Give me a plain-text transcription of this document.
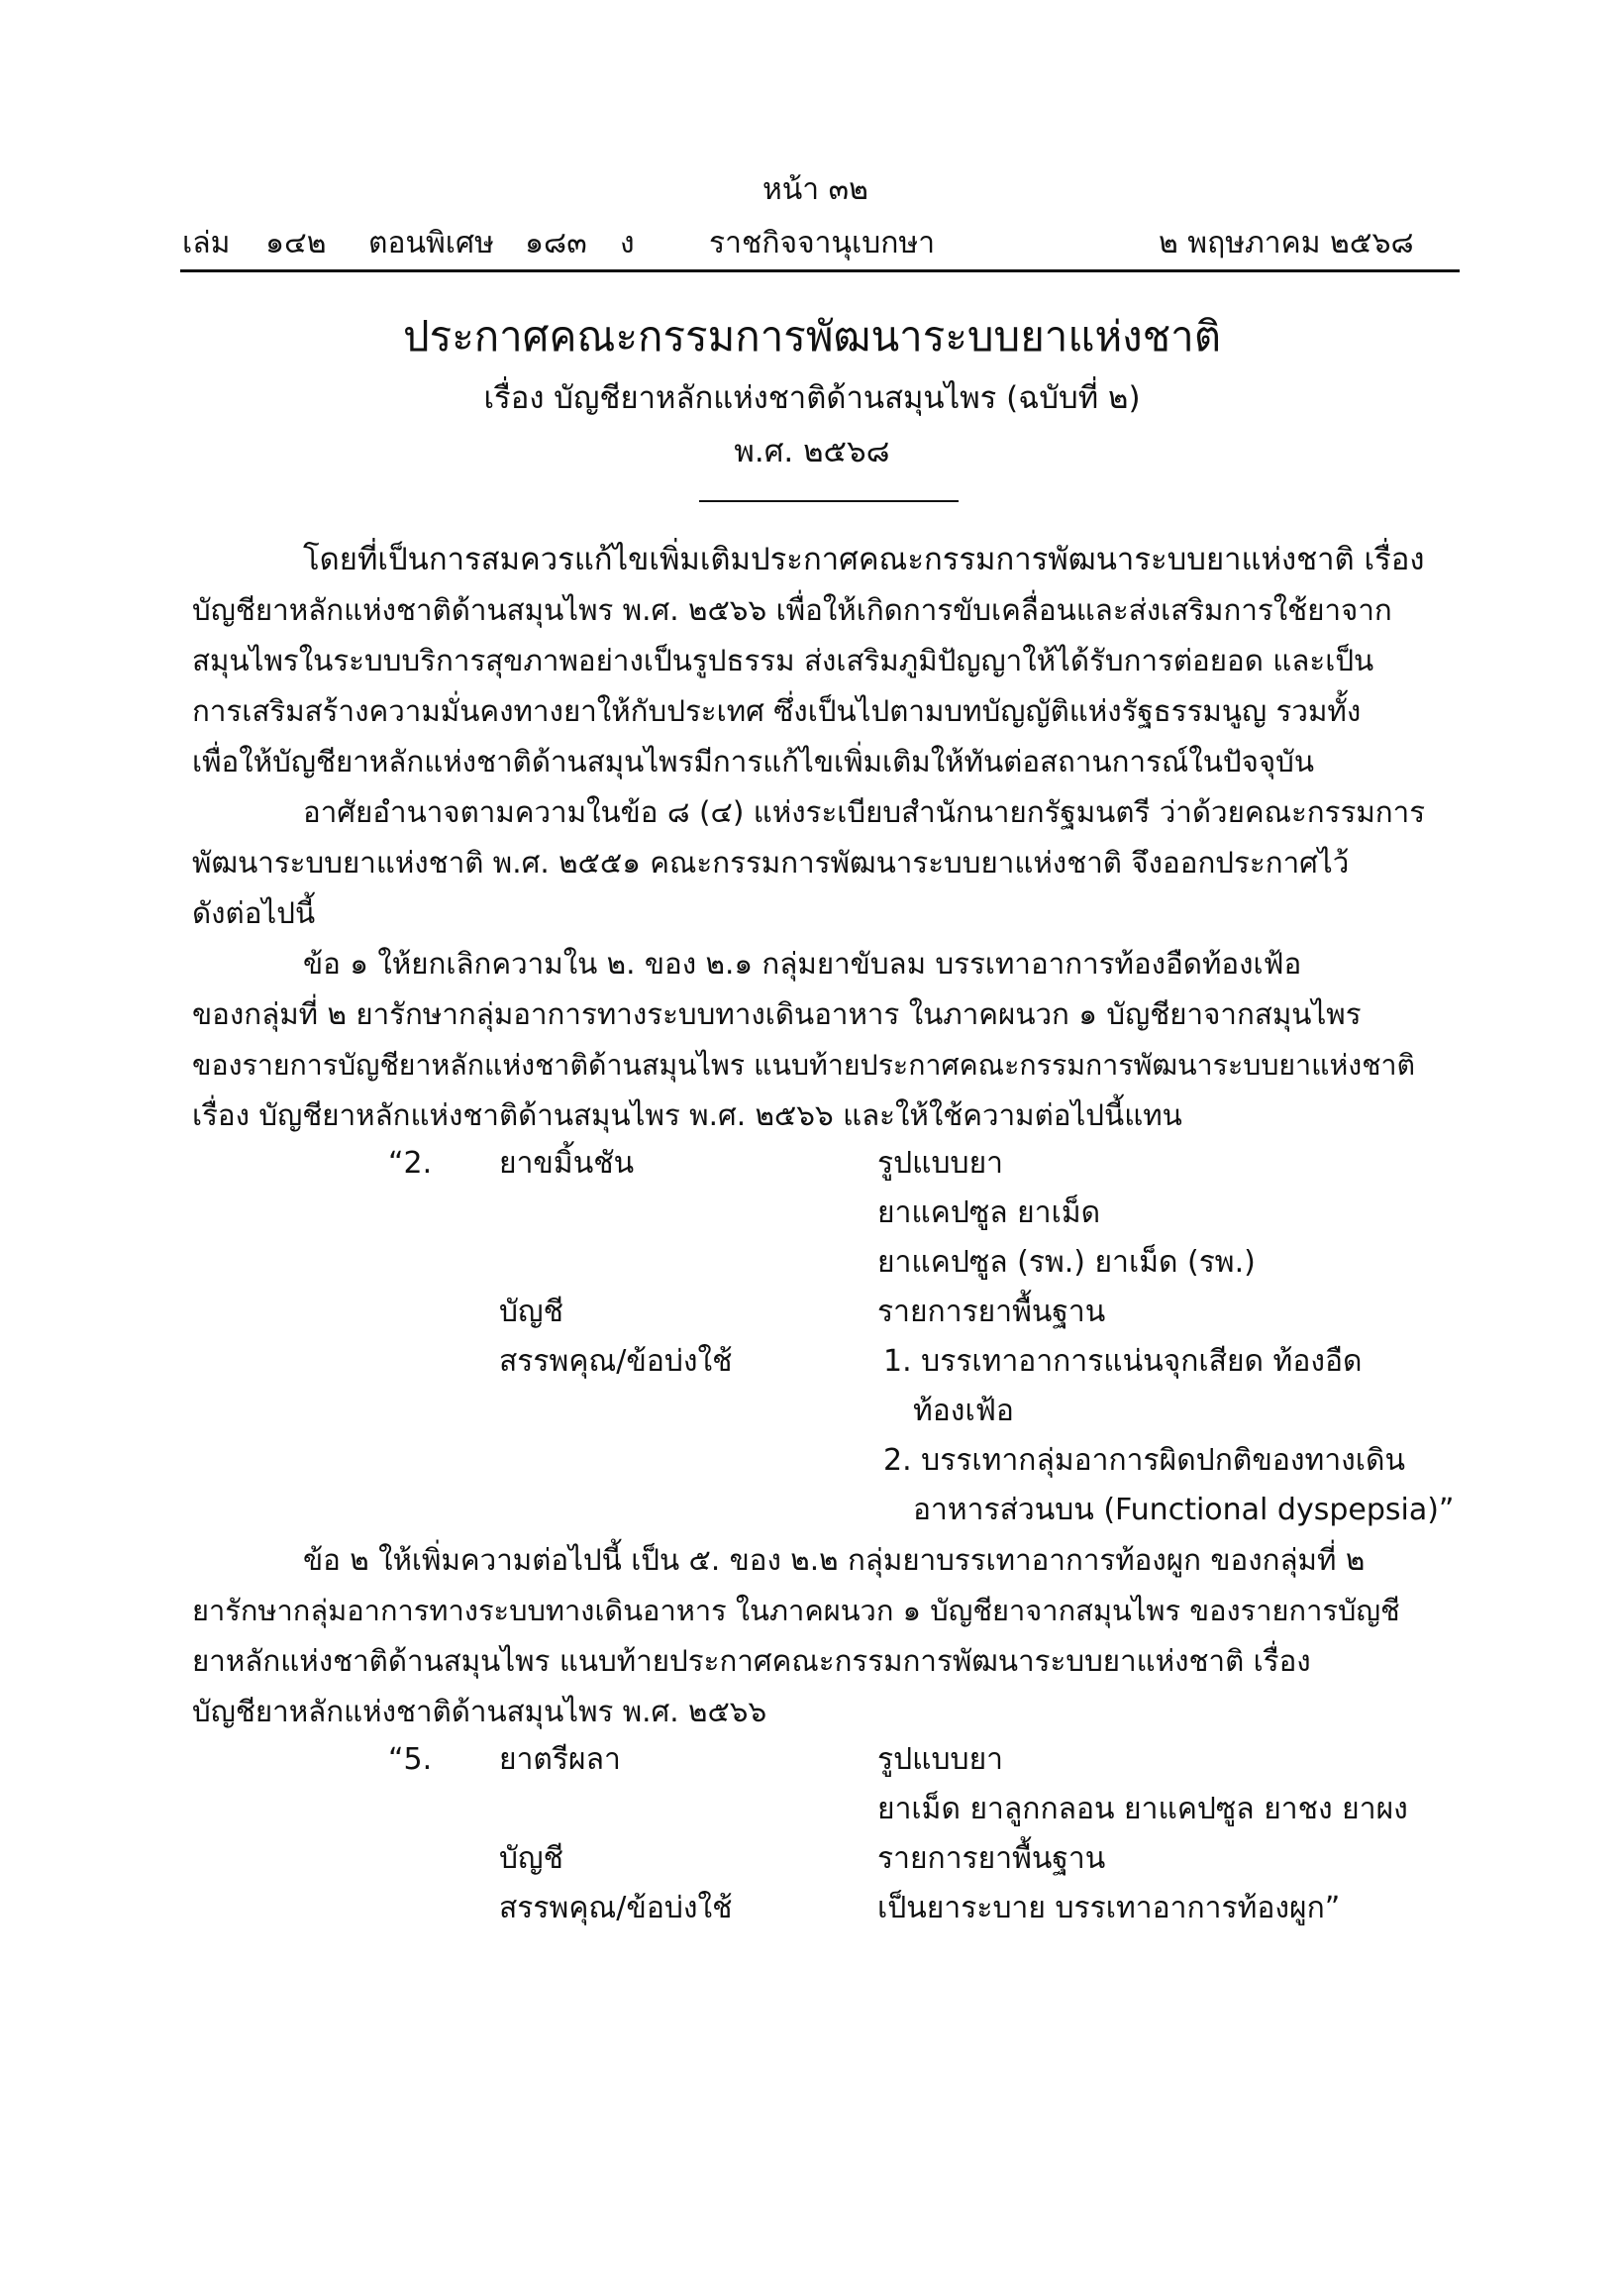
หน้า ๓๒
เล่ม ๑๔๒ ตอนพิเศษ ๑๘๓ ง	ราชกิจจานุเบกษา	๒ พฤษภาคม ๒๕๖๘
ประกาศคณะกรรมการพัฒนาระบบยาแห่งชาติ
เรื่อง บัญชียาหลักแห่งชาติด้านสมุนไพร (ฉบับที่ ๒)
พ.ศ. ๒๕๖๘
โดยที่เป็นการสมควรแก้ไขเพิ่มเติมประกาศคณะกรรมการพัฒนาระบบยาแห่งชาติ เรื่อง
บัญชียาหลักแห่งชาติด้านสมุนไพร พ.ศ. ๒๕๖๖ เพื่อให้เกิดการขับเคลื่อนและส่งเสริมการใช้ยาจาก
สมุนไพรในระบบบริการสุขภาพอย่างเป็นรูปธรรม ส่งเสริมภูมิปัญญาให้ได้รับการต่อยอด และเป็น
การเสริมสร้างความมั่นคงทางยาให้กับประเทศ ซึ่งเป็นไปตามบทบัญญัติแห่งรัฐธรรมนูญ รวมทั้ง
เพื่อให้บัญชียาหลักแห่งชาติด้านสมุนไพรมีการแก้ไขเพิ่มเติมให้ทันต่อสถานการณ์ในปัจจุบัน
อาศัยอำนาจตามความในข้อ ๘ (๔) แห่งระเบียบสำนักนายกรัฐมนตรี ว่าด้วยคณะกรรมการ
พัฒนาระบบยาแห่งชาติ พ.ศ. ๒๕๕๑ คณะกรรมการพัฒนาระบบยาแห่งชาติ จึงออกประกาศไว้
ดังต่อไปนี้
ข้อ ๑ ให้ยกเลิกความใน ๒. ของ ๒.๑ กลุ่มยาขับลม บรรเทาอาการท้องอืดท้องเฟ้อ
ของกลุ่มที่ ๒ ยารักษากลุ่มอาการทางระบบทางเดินอาหาร ในภาคผนวก ๑ บัญชียาจากสมุนไพร
ของรายการบัญชียาหลักแห่งชาติด้านสมุนไพร แนบท้ายประกาศคณะกรรมการพัฒนาระบบยาแห่งชาติ
เรื่อง บัญชียาหลักแห่งชาติด้านสมุนไพร พ.ศ. ๒๕๖๖ และให้ใช้ความต่อไปนี้แทน
“2. ยาขมิ้นชัน	รูปแบบยา
ยาแคปซูล ยาเม็ด
ยาแคปซูล (รพ.) ยาเม็ด (รพ.)
บัญชี	รายการยาพื้นฐาน
สรรพคุณ/ข้อบ่งใช้	1. บรรเทาอาการแน่นจุกเสียด ท้องอืด
ท้องเฟ้อ
2. บรรเทากลุ่มอาการผิดปกติของทางเดิน
อาหารส่วนบน (Functional dyspepsia)”
ข้อ ๒ ให้เพิ่มความต่อไปนี้ เป็น ๕. ของ ๒.๒ กลุ่มยาบรรเทาอาการท้องผูก ของกลุ่มที่ ๒
ยารักษากลุ่มอาการทางระบบทางเดินอาหาร ในภาคผนวก ๑ บัญชียาจากสมุนไพร ของรายการบัญชี
ยาหลักแห่งชาติด้านสมุนไพร แนบท้ายประกาศคณะกรรมการพัฒนาระบบยาแห่งชาติ เรื่อง
บัญชียาหลักแห่งชาติด้านสมุนไพร พ.ศ. ๒๕๖๖
“5. ยาตรีผลา	รูปแบบยา
ยาเม็ด ยาลูกกลอน ยาแคปซูล ยาชง ยาผง
บัญชี	รายการยาพื้นฐาน
สรรพคุณ/ข้อบ่งใช้	เป็นยาระบาย บรรเทาอาการท้องผูก”
